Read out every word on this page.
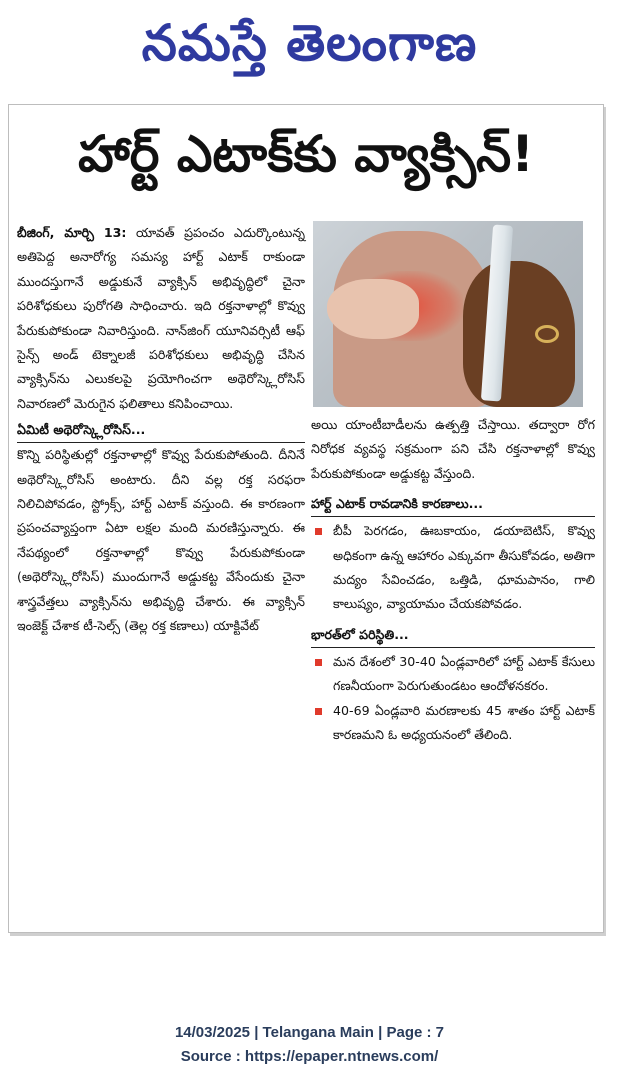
నమస్తే తెలంగాణ
హార్ట్ ఎటాక్‌కు వ్యాక్సిన్!

బీజింగ్, మార్చి 13: యావత్ ప్రపంచం ఎదుర్కొంటున్న అతిపెద్ద అనారోగ్య సమస్య హార్ట్ ఎటాక్ రాకుండా ముందస్తుగానే అడ్డుకునే వ్యాక్సిన్ అభివృద్ధిలో చైనా పరిశోధకులు పురోగతి సాధించారు. ఇది రక్తనాళాల్లో కొవ్వు పేరుకుపోకుండా నివారిస్తుంది. నాన్‌జింగ్ యూనివర్సిటీ ఆఫ్ సైన్స్ అండ్ టెక్నాలజీ పరిశోధకులు అభివృద్ధి చేసిన వ్యాక్సిన్‌ను ఎలుకలపై ప్రయోగించగా అథెరోస్క్లెరోసిస్ నివారణలో మెరుగైన ఫలితాలు కనిపించాయి.

ఏమిటీ అథెరోస్క్లెరోసిస్...

కొన్ని పరిస్థితుల్లో రక్తనాళాల్లో కొవ్వు పేరుకుపోతుంది. దీనినే అథెరోస్క్లెరోసిస్ అంటారు. దీని వల్ల రక్త సరఫరా నిలిచిపోవడం, స్ట్రోక్స్, హార్ట్ ఎటాక్ వస్తుంది. ఈ కారణంగా ప్రపంచవ్యాప్తంగా ఏటా లక్షల మంది మరణిస్తున్నారు. ఈ నేపథ్యంలో రక్తనాళాల్లో కొవ్వు పేరుకుపోకుండా (అథెరోస్క్లెరోసిస్) ముందుగానే అడ్డుకట్ట వేసేందుకు చైనా శాస్త్రవేత్తలు వ్యాక్సిన్‌ను అభివృద్ధి చేశారు. ఈ వ్యాక్సిన్ ఇంజెక్ట్ చేశాక టీ-సెల్స్ (తెల్ల రక్త కణాలు) యాక్టివేట్

అయి యాంటీబాడీలను ఉత్పత్తి చేస్తాయి. తద్వారా రోగ నిరోధక వ్యవస్థ సక్రమంగా పని చేసి రక్తనాళాల్లో కొవ్వు పేరుకుపోకుండా అడ్డుకట్ట వేస్తుంది.

హార్ట్ ఎటాక్ రావడానికి కారణాలు...
బీపీ పెరగడం, ఊబకాయం, డయాబెటిస్, కొవ్వు అధికంగా ఉన్న ఆహారం ఎక్కువగా తీసుకోవడం, అతిగా మద్యం సేవించడం, ఒత్తిడి, ధూమపానం, గాలి కాలుష్యం, వ్యాయామం చేయకపోవడం.
భారత్‌లో పరిస్థితి...
మన దేశంలో 30-40 ఏండ్లవారిలో హార్ట్ ఎటాక్ కేసులు గణనీయంగా పెరుగుతుండటం ఆందోళనకరం.
40-69 ఏండ్లవారి మరణాలకు 45 శాతం హార్ట్ ఎటాక్ కారణమని ఓ అధ్యయనంలో తేలింది.
14/03/2025 | Telangana Main | Page : 7
Source : https://epaper.ntnews.com/
